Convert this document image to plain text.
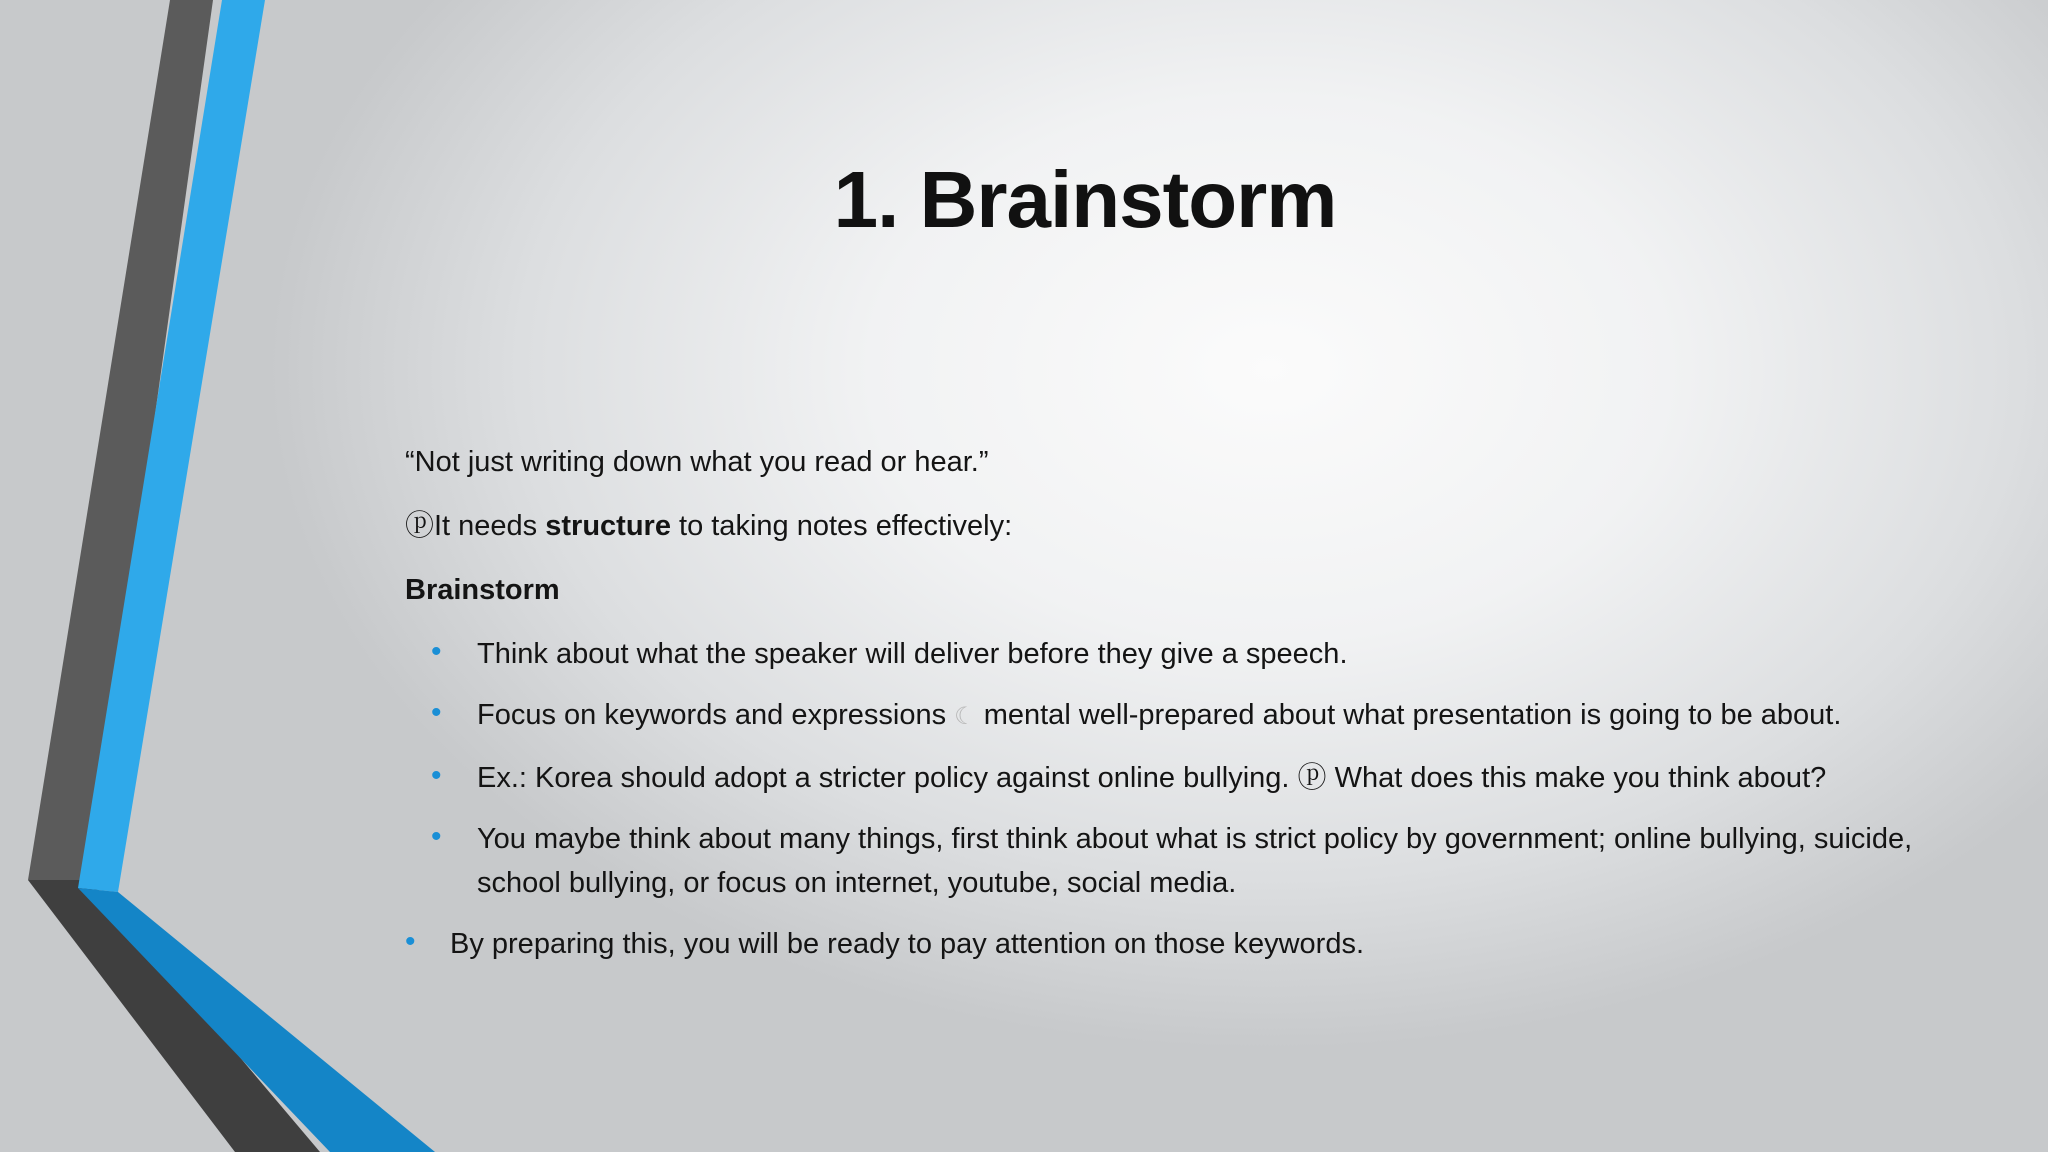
1. Brainstorm

“Not just writing down what you read or hear.”

ⓟIt needs structure to taking notes effectively:

Brainstorm

• Think about what the speaker will deliver before they give a speech.
• Focus on keywords and expressions ☾ mental well-prepared about what presentation is going to be about.
• Ex.: Korea should adopt a stricter policy against online bullying. ⓟ What does this make you think about?
• You maybe think about many things, first think about what is strict policy by government; online bullying, suicide, school bullying, or focus on internet, youtube, social media.
• By preparing this, you will be ready to pay attention on those keywords.
